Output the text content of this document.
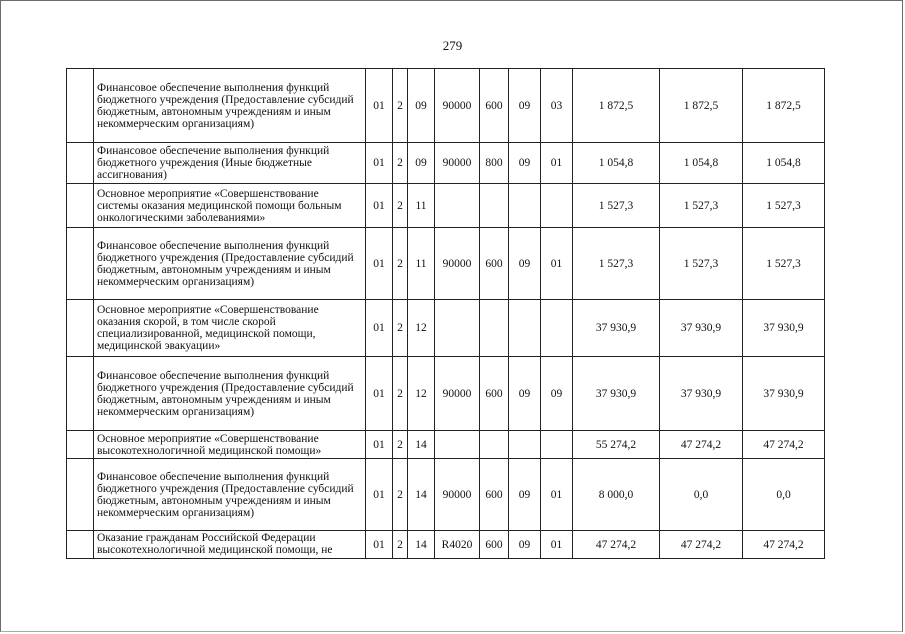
279
	Финансовое обеспечение выполнения функций бюджетного учреждения (Предоставление субсидий бюджетным, автономным учреждениям и иным некоммерческим организациям)	01	2	09	90000	600	09	03	1 872,5	1 872,5	1 872,5
	Финансовое обеспечение выполнения функций бюджетного учреждения (Иные бюджетные ассигнования)	01	2	09	90000	800	09	01	1 054,8	1 054,8	1 054,8
	Основное мероприятие «Совершенствование системы оказания медицинской помощи больным онкологическими заболеваниями»	01	2	11					1 527,3	1 527,3	1 527,3
	Финансовое обеспечение выполнения функций бюджетного учреждения (Предоставление субсидий бюджетным, автономным учреждениям и иным некоммерческим организациям)	01	2	11	90000	600	09	01	1 527,3	1 527,3	1 527,3
	Основное мероприятие «Совершенствование оказания скорой, в том числе скорой специализированной, медицинской помощи, медицинской эвакуации»	01	2	12					37 930,9	37 930,9	37 930,9
	Финансовое обеспечение выполнения функций бюджетного учреждения (Предоставление субсидий бюджетным, автономным учреждениям и иным некоммерческим организациям)	01	2	12	90000	600	09	09	37 930,9	37 930,9	37 930,9
	Основное мероприятие «Совершенствование высокотехнологичной медицинской помощи»	01	2	14					55 274,2	47 274,2	47 274,2
	Финансовое обеспечение выполнения функций бюджетного учреждения (Предоставление субсидий бюджетным, автономным учреждениям и иным некоммерческим организациям)	01	2	14	90000	600	09	01	8 000,0	0,0	0,0
	Оказание гражданам Российской Федерации высокотехнологичной медицинской помощи, не	01	2	14	R4020	600	09	01	47 274,2	47 274,2	47 274,2
